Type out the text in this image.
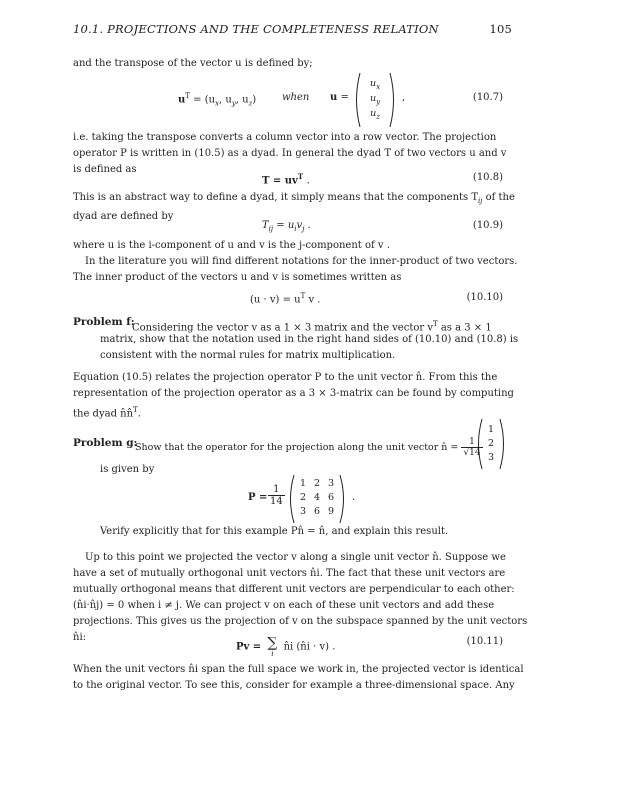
10.1. PROJECTIONS AND THE COMPLETENESS RELATION	105
and the transpose of the vector u is defined by;
$u^T = (u_x$, $u_y$, $u_z$)	when u =
$u_x$
$u_y$
$u_z$
,	(10.7)
i.e. taking the transpose converts a column vector into a row vector. The projection
operator P is written in (10.5) as a dyad. In general the dyad T of two vectors u and v
is defined as
$T = uv^T$ .	(10.8)
This is an abstract way to define a dyad, it simply means that the components $T_{ij}$ of the
dyad are defined by
$T_{ij} = u_iv_j$ .	(10.9)
where u is the i-component of u and v is the j-component of v .
In the literature you will find different notations for the inner-product of two vectors.
The inner product of the vectors u and v is sometimes written as
$(u \cdot v) = u^T$ v .	(10.10)
Problem f:
Considering the vector v as a 1 × 3 matrix and the vector $v^T$ as a 3 × 1
matrix, show that the notation used in the right hand sides of (10.10) and (10.8) is
consistent with the normal rules for matrix multiplication.
Equation (10.5) relates the projection operator P to the unit vector n̂. From this the
representation of the projection operator as a 3 × 3-matrix can be found by computing
the dyad n̂n̂$^T$.
Problem g:
Show that the operator for the projection along the unit vector n̂ = $\frac{1}{√14}$
1
2
3
is given by
$P = \frac{1}{14}$
1 2 3
2 4 6
3 6 9
.
Verify explicitly that for this example Pn̂ = n̂, and explain this result.
Up to this point we projected the vector v along a single unit vector n̂. Suppose we
have a set of mutually orthogonal unit vectors n̂i. The fact that these unit vectors are
mutually orthogonal means that different unit vectors are perpendicular to each other:
(n̂i·n̂j) = 0 when i ≠ j. We can project v on each of these unit vectors and add these
projections. This gives us the projection of v on the subspace spanned by the unit vectors
n̂i:
Pv = ∑
i
n̂i (n̂i · v) .	(10.11)
When the unit vectors n̂i span the full space we work in, the projected vector is identical
to the original vector. To see this, consider for example a three-dimensional space. Any
